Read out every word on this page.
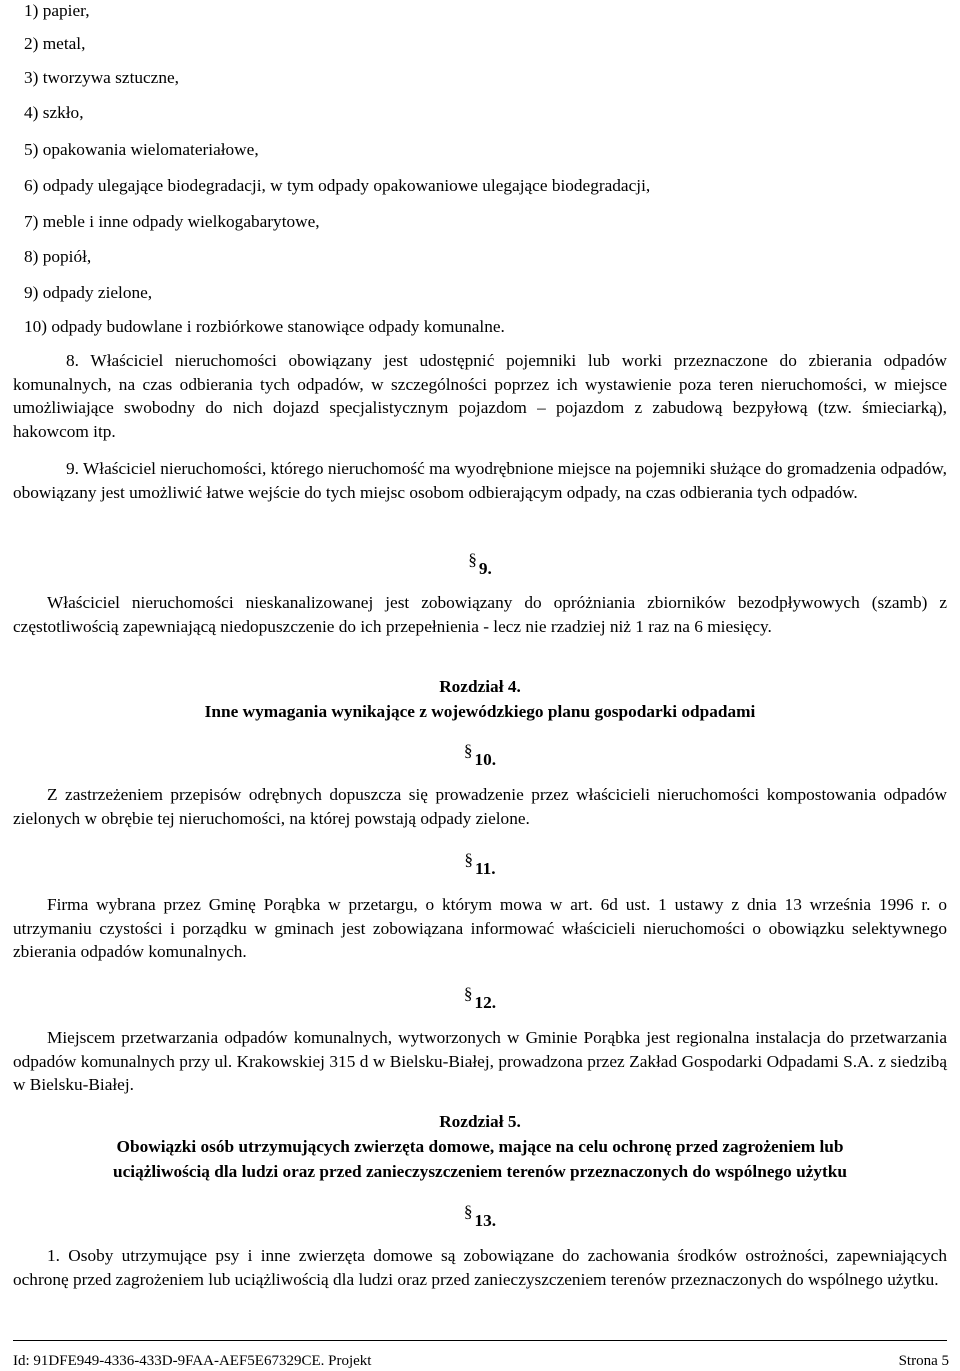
1) papier,

2) metal,

3) tworzywa sztuczne,

4) szkło,

5) opakowania wielomateriałowe,

6) odpady ulegające biodegradacji, w tym odpady opakowaniowe ulegające biodegradacji,

7) meble i inne odpady wielkogabarytowe,

8) popiół,

9) odpady zielone,

10) odpady budowlane i rozbiórkowe stanowiące odpady komunalne.

8. Właściciel nieruchomości obowiązany jest udostępnić pojemniki lub worki przeznaczone do zbierania odpadów komunalnych, na czas odbierania tych odpadów, w szczególności poprzez ich wystawienie poza teren nieruchomości, w miejsce umożliwiające swobodny do nich dojazd specjalistycznym pojazdom – pojazdom z zabudową bezpyłową (tzw. śmieciarką), hakowcom itp.

9. Właściciel nieruchomości, którego nieruchomość ma wyodrębnione miejsce na pojemniki służące do gromadzenia odpadów, obowiązany jest umożliwić łatwe wejście do tych miejsc osobom odbierającym odpady, na czas odbierania tych odpadów.

§ 9.

Właściciel nieruchomości nieskanalizowanej jest zobowiązany do opróżniania zbiorników bezodpływowych (szamb) z częstotliwością zapewniającą niedopuszczenie do ich przepełnienia - lecz nie rzadziej niż 1 raz na 6 miesięcy.

Rozdział 4.

Inne wymagania wynikające z wojewódzkiego planu gospodarki odpadami

§ 10.

Z zastrzeżeniem przepisów odrębnych dopuszcza się prowadzenie przez właścicieli nieruchomości kompostowania odpadów zielonych w obrębie tej nieruchomości, na której powstają odpady zielone.

§ 11.

Firma wybrana przez Gminę Porąbka w przetargu, o którym mowa w art. 6d ust. 1 ustawy z dnia 13 września 1996 r. o utrzymaniu czystości i porządku w gminach jest zobowiązana informować właścicieli nieruchomości o obowiązku selektywnego zbierania odpadów komunalnych.

§ 12.

Miejscem przetwarzania odpadów komunalnych, wytworzonych w Gminie Porąbka jest regionalna instalacja do przetwarzania odpadów komunalnych przy ul. Krakowskiej 315 d w Bielsku-Białej, prowadzona przez Zakład Gospodarki Odpadami S.A. z siedzibą w Bielsku-Białej.

Rozdział 5.

Obowiązki osób utrzymujących zwierzęta domowe, mające na celu ochronę przed zagrożeniem lub

uciążliwością dla ludzi oraz przed zanieczyszczeniem terenów przeznaczonych do wspólnego użytku

§ 13.

1. Osoby utrzymujące psy i inne zwierzęta domowe są zobowiązane do zachowania środków ostrożności, zapewniających ochronę przed zagrożeniem lub uciążliwością dla ludzi oraz przed zanieczyszczeniem terenów przeznaczonych do wspólnego użytku.

Id: 91DFE949-4336-433D-9FAA-AEF5E67329CE. Projekt	Strona 5
